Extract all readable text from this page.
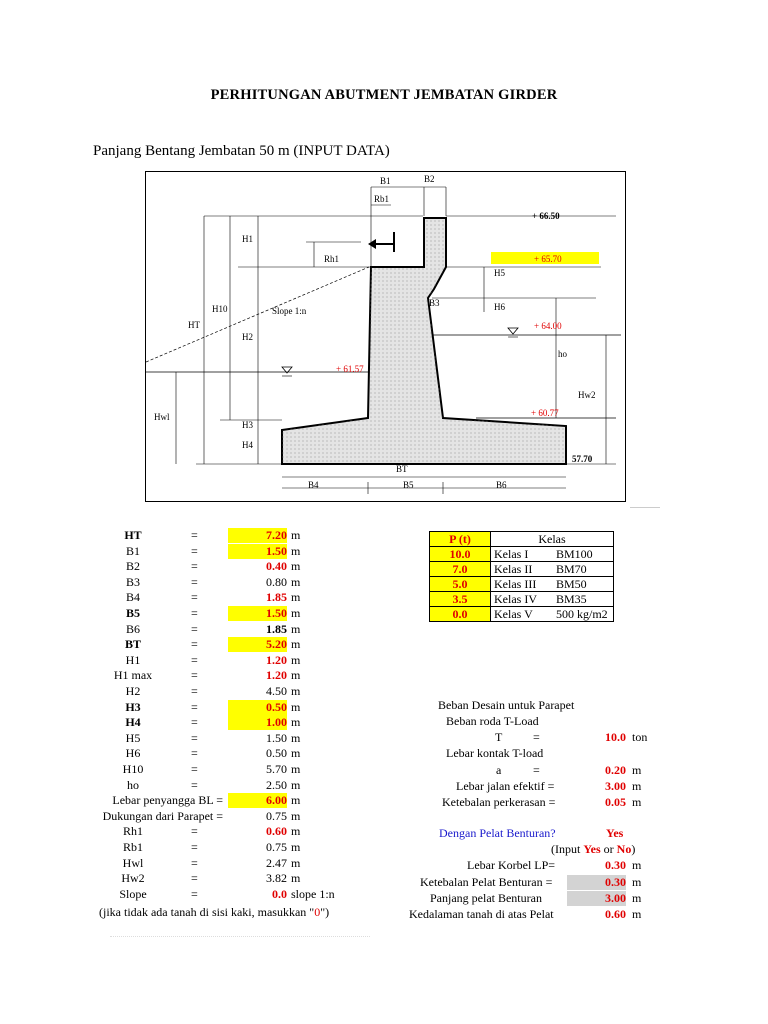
PERHITUNGAN ABUTMENT JEMBATAN GIRDER
Panjang Bentang Jembatan 50 m (INPUT DATA)
B1	B2
Rb1
Rh1
H1
H10
HT
H2
Hwl
H3
H4
Slope 1:n
H5
B3	H6
ho
Hw2
BT
B4	B5	B6
+ 66.50
+ 65.70
+ 64.00
+ 61.57
+ 60.77
57.70
HT	=	7.20 m
B1	=	1.50 m
B2	=	0.40 m
B3	=	0.80 m
B4	=	1.85 m
B5	=	1.50 m
B6	=	1.85 m
BT	=	5.20 m
H1	=	1.20 m
H1 max	=	1.20 m
H2	=	4.50 m
H3	=	0.50 m
H4	=	1.00 m
H5	=	1.50 m
H6	=	0.50 m
H10	=	5.70 m
ho	=	2.50 m
Lebar penyangga BL =	6.00 m
Dukungan dari Parapet =	0.75 m
Rh1	=	0.60 m
Rb1	=	0.75 m
Hwl	=	2.47 m
Hw2	=	3.82 m
Slope	=	0.0 slope 1:n
(jika tidak ada tanah di sisi kaki, masukkan "0")
P (t)	Kelas	
10.0	Kelas I	BM100
7.0	Kelas II	BM70
5.0	Kelas III	BM50
3.5	Kelas IV	BM35
0.0	Kelas V	500 kg/m2
Beban Desain untuk Parapet
Beban roda T-Load
T	=	10.0 ton
Lebar kontak T-load
a	=	0.20 m
Lebar jalan efektif =	3.00 m
Ketebalan perkerasan =	0.05 m
Dengan Pelat Benturan?	Yes
(Input Yes or No)
Lebar Korbel LP=	0.30 m
Ketebalan Pelat Benturan =	0.30 m
Panjang pelat Benturan	3.00 m
Kedalaman tanah di atas Pelat	0.60 m
